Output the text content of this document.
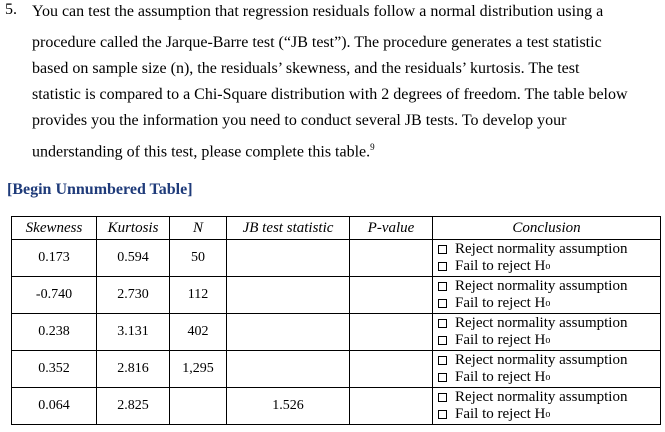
5. You can test the assumption that regression residuals follow a normal distribution using a
procedure called the Jarque-Barre test (“JB test”). The procedure generates a test statistic
based on sample size (n), the residuals’ skewness, and the residuals’ kurtosis. The test
statistic is compared to a Chi-Square distribution with 2 degrees of freedom. The table below
provides you the information you need to conduct several JB tests. To develop your
understanding of this test, please complete this table.$^9$
[Begin Unnumbered Table]
Skewness	Kurtosis	N	JB test statistic	P-value	Conclusion
0.173	0.594	50			Reject normality assumption
Fail to reject H o

-0.740	2.730	112			Reject normality assumption
Fail to reject H o

0.238	3.131	402			Reject normality assumption
Fail to reject H o

0.352	2.816	1,295			Reject normality assumption
Fail to reject H o

0.064	2.825		1.526		Reject normality assumption
Fail to reject H o
